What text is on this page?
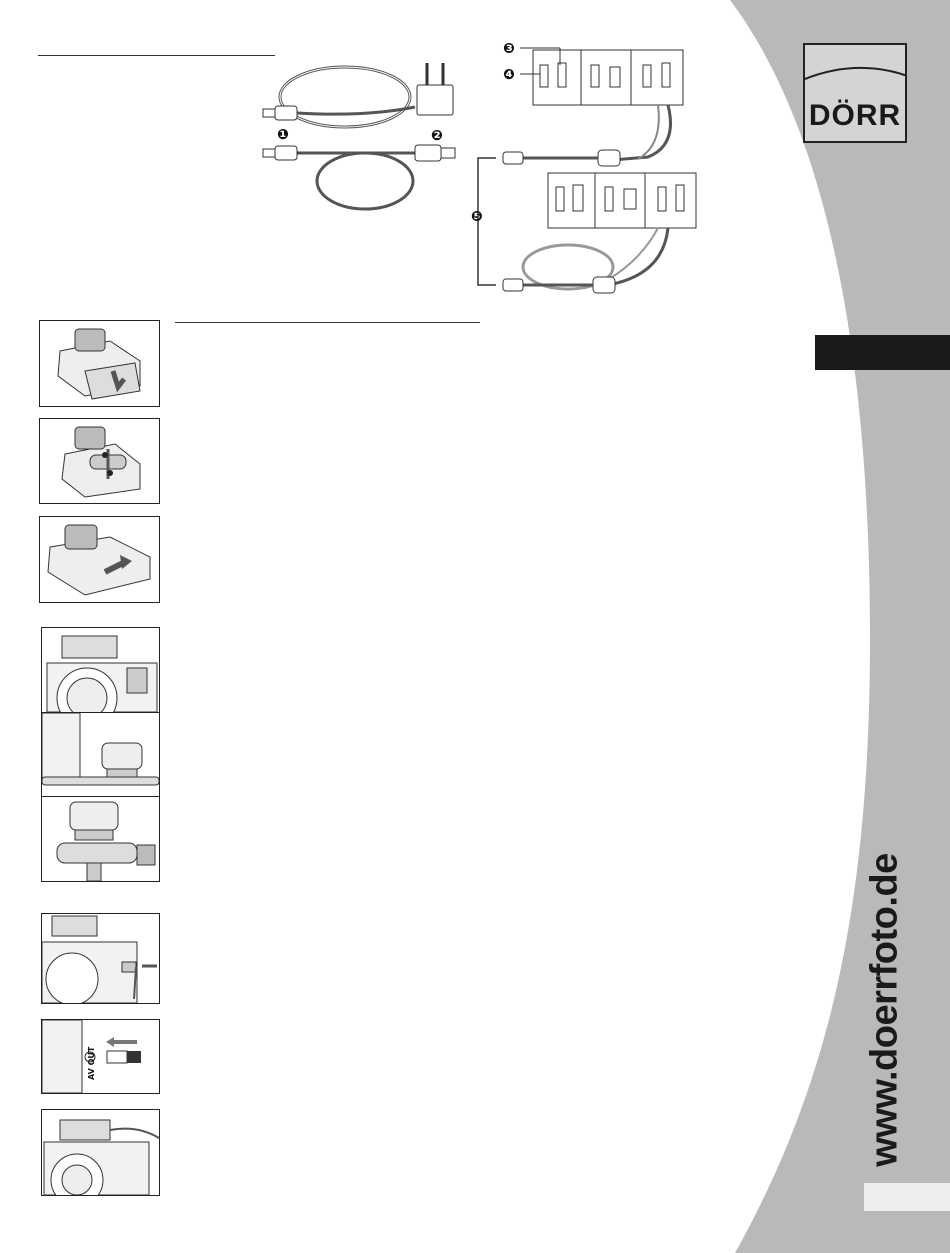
DÖRR
www.doerrfoto.de
❶	❷
❸
❹
❺
AV OUT
